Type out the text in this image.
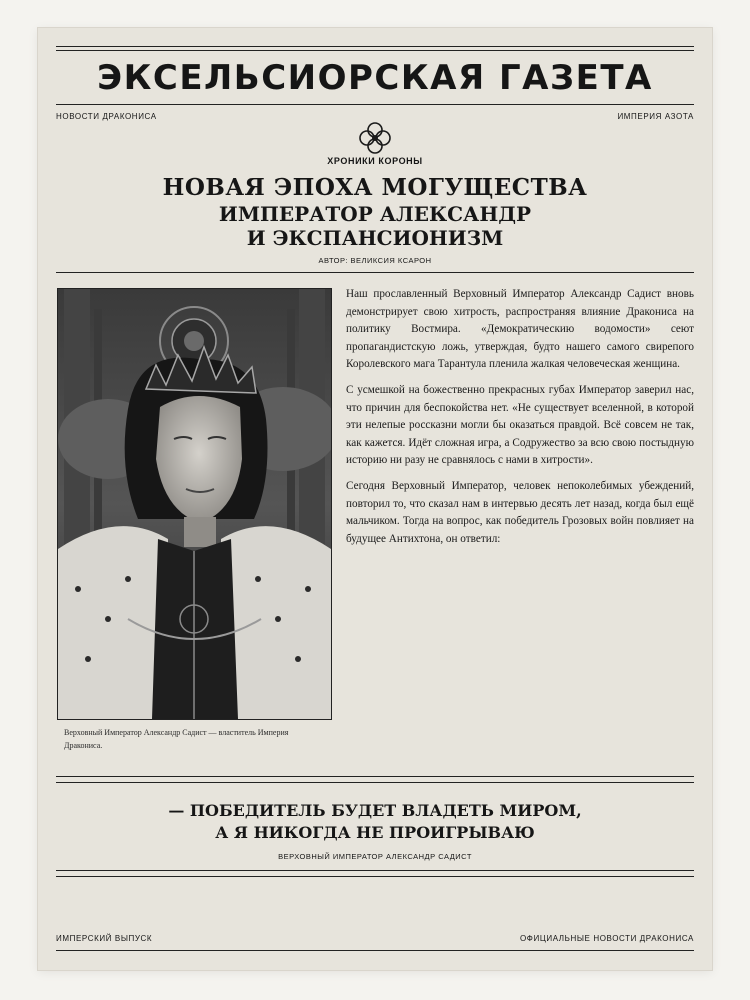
ЭКСЕЛЬСИОРСКАЯ ГАЗЕТА
НОВОСТИ ДРАКОНИСА	ИМПЕРИЯ АЗОТА
ХРОНИКИ КОРОНЫ
НОВАЯ ЭПОХА МОГУЩЕСТВА
ИМПЕРАТОР АЛЕКСАНДР
И ЭКСПАНСИОНИЗМ
АВТОР: ВЕЛИКСИЯ КСАРОН
Верховный Император Александр Садист — властитель Империя Дракониса.

Наш прославленный Верховный Император Александр Садист вновь демонстрирует свою хитрость, распространяя влияние Дракониса на политику Востмира. «Демократическию водомости» сеют пропагандистскую ложь, утверждая, будто нашего самого свирепого Королевского мага Тарантула пленила жалкая человеческая женщина.

С усмешкой на божественно прекрасных губах Император заверил нас, что причин для беспокойства нет. «Не существует вселенной, в которой эти нелепые россказни могли бы оказаться правдой. Всё совсем не так, как кажется. Идёт сложная игра, а Содружество за всю свою постыдную историю ни разу не сравнялось с нами в хитрости».

Сегодня Верховный Император, человек непоколебимых убеждений, повторил то, что сказал нам в интервью десять лет назад, когда был ещё мальчиком. Тогда на вопрос, как победитель Грозовых войн повлияет на будущее Антихтона, он ответил:

— ПОБЕДИТЕЛЬ БУДЕТ ВЛАДЕТЬ МИРОМ,
А Я НИКОГДА НЕ ПРОИГРЫВАЮ
ВЕРХОВНЫЙ ИМПЕРАТОР АЛЕКСАНДР САДИСТ
ИМПЕРСКИЙ ВЫПУСК	ОФИЦИАЛЬНЫЕ НОВОСТИ ДРАКОНИСА
